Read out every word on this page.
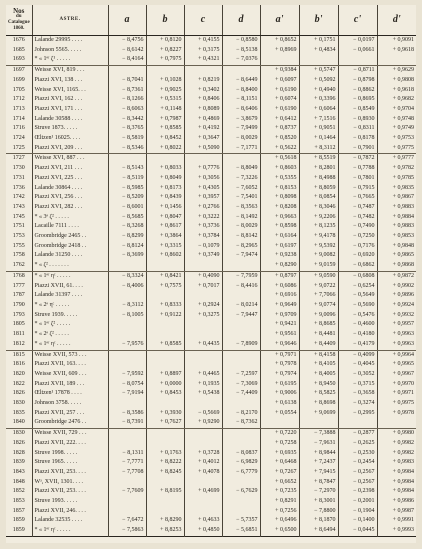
Nos
du
Catalogue
1860.	ASTRE.	a	b	c	d	a'	b'	c'	d'
1676	Lalande 29995 . . . .	− 8,4756	+ 0,8120	+ 0,4155	− 0,8580	+ 0,8652	+ 0,1751	− 0,0197	+ 0,9091
1685	Johnson 5565. . . . .	− 8,6142	+ 0,8227	+ 0,3175	− 8,5138	+ 0,8969	+ 0,4834	− 0,0661	+ 0,9618
1693	* « 1ᵉʳ ζ¹ . . . . .	− 8,4164	+ 0,7975	+ 0,4321	− 7,0376				
1697	Weisse XVI, 819 . . .					+ 0,9384	+ 0,5747	− 0,8711	+ 0,9629
1699	Piazzi XVI, 138 . . .	− 8,7041	+ 0,1028	+ 0,8219	− 8,6449	+ 0,6097	+ 0,5092	− 0,8798	+ 0,9808
1705	Weisse XVI, 1165. . .	− 8,7361	+ 0,9025	+ 0,3402	− 8,8400	+ 0,6190	+ 0,4940	− 0,8862	+ 0,9618
1712	Piazzi XVI, 162 . . .	− 8,1266	+ 0,5315	+ 0,8406	− 8,1151	+ 0,6074	+ 0,3396	− 0,8695	+ 0,9682
1713	Piazzi XVI, 171 . . .	− 8,6063	+ 0,1148	+ 0,8089	− 8,6406	+ 0,6190	+ 0,6064	− 0,8549	+ 0,9704
1714	Lalande 30588 . . . .	− 8,3442	+ 0,7987	+ 0,4869	− 3,8679	+ 0,6412	+ 7,1516	− 0,8930	+ 0,9748
1716	Struve 1873. . . . .	− 8,3765	+ 0,8585	+ 0,4192	− 7,9499	+ 0,8737	+ 0,9051	− 0,8311	+ 0,9749
1724	Œltzen¹ 16025. . . .	− 8,5819	+ 0,8452	+ 0,3647	− 8,0029	+ 0,8520	+ 0,1464	− 0,8178	+ 0,9753
1725	Piazzi XVI, 209 . . .	− 8,5346	+ 0,8022	+ 0,5090	− 7,1771	+ 0,5622	+ 8,3112	− 0,7901	+ 0,9775
1727	Weisse XVI, 887 . . .					+ 0,5618	+ 8,5519	− 0,7872	+ 0,9777
1730	Piazzi XVI, 211 . . .	− 8,5143	+ 0,8033	+ 0,7776	− 8,8049	+ 0,8603	+ 8,2801	− 0,7788	+ 0,9782
1731	Piazzi XVI, 225 . . .	− 8,5119	+ 0,8049	+ 0,3056	− 7,3226	+ 0,5355	+ 8,4988	− 0,7801	+ 0,9785
1736	Lalande 30864 . . . .	− 8,5985	+ 0,8173	+ 0,4305	− 7,6052	+ 0,8153	+ 8,8059	− 0,7915	+ 0,9835
1742	Piazzi XVI, 256 . . .	− 8,5209	+ 0,8439	+ 0,3957	− 7,5401	+ 0,8098	+ 8,0854	− 0,7665	+ 0,9867
1743	Piazzi XVI, 282 . . .	− 8,6001	+ 0,1456	+ 0,2766	− 8,3563	+ 0,8208	+ 8,3046	− 0,7487	+ 0,9883
1745	* « 3ᵉ ζ² . . . . .	− 8,5685	+ 0,8047	+ 0,3222	− 8,1492	+ 0,9663	+ 9,2206	− 0,7482	+ 0,9884
1751	Lacaille 7111 . . . .	− 8,3268	+ 0,8617	+ 0,3736	− 8,0029	+ 0,8598	+ 8,1235	− 0,7490	+ 0,9883
1753	Groombridge 2465 . .	− 8,8299	+ 0,3864	+ 0,3784	− 8,8142	+ 0,6164	+ 9,4178	− 0,7250	+ 0,9853
1755	Groombridge 2418 . .	− 8,8124	+ 0,3315	− 0,1079	− 8,2965	+ 0,6197	+ 9,5392	− 0,7176	+ 0,9848
1758	Lalande 31250 . . . .	− 8,3699	+ 0,8602	+ 0,3749	− 7,9474	+ 0,9238	+ 9,0082	− 0,6920	+ 0,9865
1762	* « ζ² . . . . . . .					+ 0,8290	+ 9,0159	− 0,6862	+ 0,9868
1768	* « 1ᵉʳ ηᶜ . . . . .	− 8,3324	+ 0,8421	+ 0,4090	− 7,7959	+ 0,8797	+ 9,0590	− 0,6808	+ 0,9872
1777	Piazzi XVII, 61. . . .	− 8,4006	+ 0,7575	+ 0,7017	− 8,4416	+ 0,6086	+ 9,0722	− 0,6254	+ 0,9902
1787	Lalande 31397 . . . .					+ 0,6916	+ 7,7066	− 0,5649	+ 0,9896
1790	* « 2ᵉ ηᶜ . . . . .	− 8,3112	+ 0,8333	+ 0,2924	− 8,0214	+ 0,9649	+ 9,0774	− 0,5690	+ 0,9924
1793	Struve 1939. . . . .	− 8,1005	+ 0,9122	+ 0,3275	− 7,9447	+ 0,9709	+ 9,0096	− 0,5476	+ 0,9932
1805	* « 1ᵉʳ ζ² . . . . .					+ 0,9421	+ 8,8685	− 0,4600	+ 0,9957
1811	* « 2ᵉ ζ² . . . . .					+ 0,9561	+ 8,4481	− 0,4180	+ 0,9963
1812	* « 1ᵉʳ ηᶜ . . . . .	− 7,9576	+ 0,8585	+ 0,4435	− 7,8909	+ 0,9646	+ 8,4409	− 0,4179	+ 0,9963
1815	Weisse XVII, 573 . . .					+ 0,7971	+ 8,4158	− 0,4099	+ 0,9964
1816	Piazzi XVII, 163. . . .					+ 0,7978	+ 8,4105	− 0,4045	+ 0,9965
1820	Weisse XVII, 609 . . .	− 7,9592	+ 0,8897	+ 0,4465	− 7,2597	+ 0,7974	+ 8,4005	− 0,3052	+ 0,9967
1822	Piazzi XVII, 189 . . .	− 8,0754	+ 0,0000	+ 0,1935	− 7,3069	+ 0,6195	+ 8,9450	− 0,3715	+ 0,9970
1826	Œltzen¹ 17878 . . . .	− 7,9194	+ 0,8453	+ 0,5438	− 7,4409	+ 0,9006	+ 8,5825	− 0,3658	+ 0,9971
1830	Johnson 3758. . . . .					+ 0,6138	+ 8,8698	− 0,3274	+ 0,9975
1835	Piazzi XVII, 257 . . .	− 8,3586	+ 0,3930	− 0,5669	− 8,2170	+ 0,0554	+ 9,0699	− 0,2995	+ 0,9978
1840	Groombridge 2476 . .	− 8,7391	+ 0,7627	+ 0,9290	− 8,7362				
1830	Weisse XVII, 729 . . .					+ 0,7220	− 7,3888	− 0,2877	+ 0,9980
1826	Piazzi XVII, 222. . . .					+ 0,7258	− 7,9631	− 0,2625	+ 0,9982
1828	Struve 1998. . . . .	− 8,1311	+ 0,1763	+ 0,3728	− 8,0837	+ 0,6935	+ 8,9844	− 0,2530	+ 0,9982
1839	Struve 1965. . . . .	− 7,7771	+ 8,8222	+ 0,4012	− 6,9829	+ 0,6468	+ 7,2437	− 0,2454	+ 0,9983
1843	Piazzi XVII, 253. . . .	− 7,7708	+ 8,8245	+ 0,4078	− 6,7779	+ 0,7267	+ 7,9415	− 0,2567	+ 0,9984
1848	Wᵃ, XVII, 1301. . . .					+ 0,6652	+ 8,7847	− 0,2567	+ 0,9984
1852	Piazzi XVII, 253. . . .	− 7,7609	+ 8,8195	+ 0,4699	− 6,7629	+ 0,7235	− 7,2970	− 0,2398	+ 0,9984
1853	Struve 1993. . . . .					+ 0,8291	+ 8,3001	− 0,2001	+ 0,9986
1857	Piazzi XVII, 246. . . .					+ 0,7256	− 7,8800	− 0,1904	+ 0,9987
1859	Lalande 32535 . . . .	− 7,6472	+ 8,8290	+ 0,4633	− 5,7357	+ 0,6496	+ 8,1870	− 0,1400	+ 0,9991
1859	* « 1ᵉʳ ηᶜ . . . . .	− 7,5863	+ 8,8253	+ 0,4850	− 5,6851	+ 0,6500	+ 8,6494	− 0,0445	+ 0,9993
